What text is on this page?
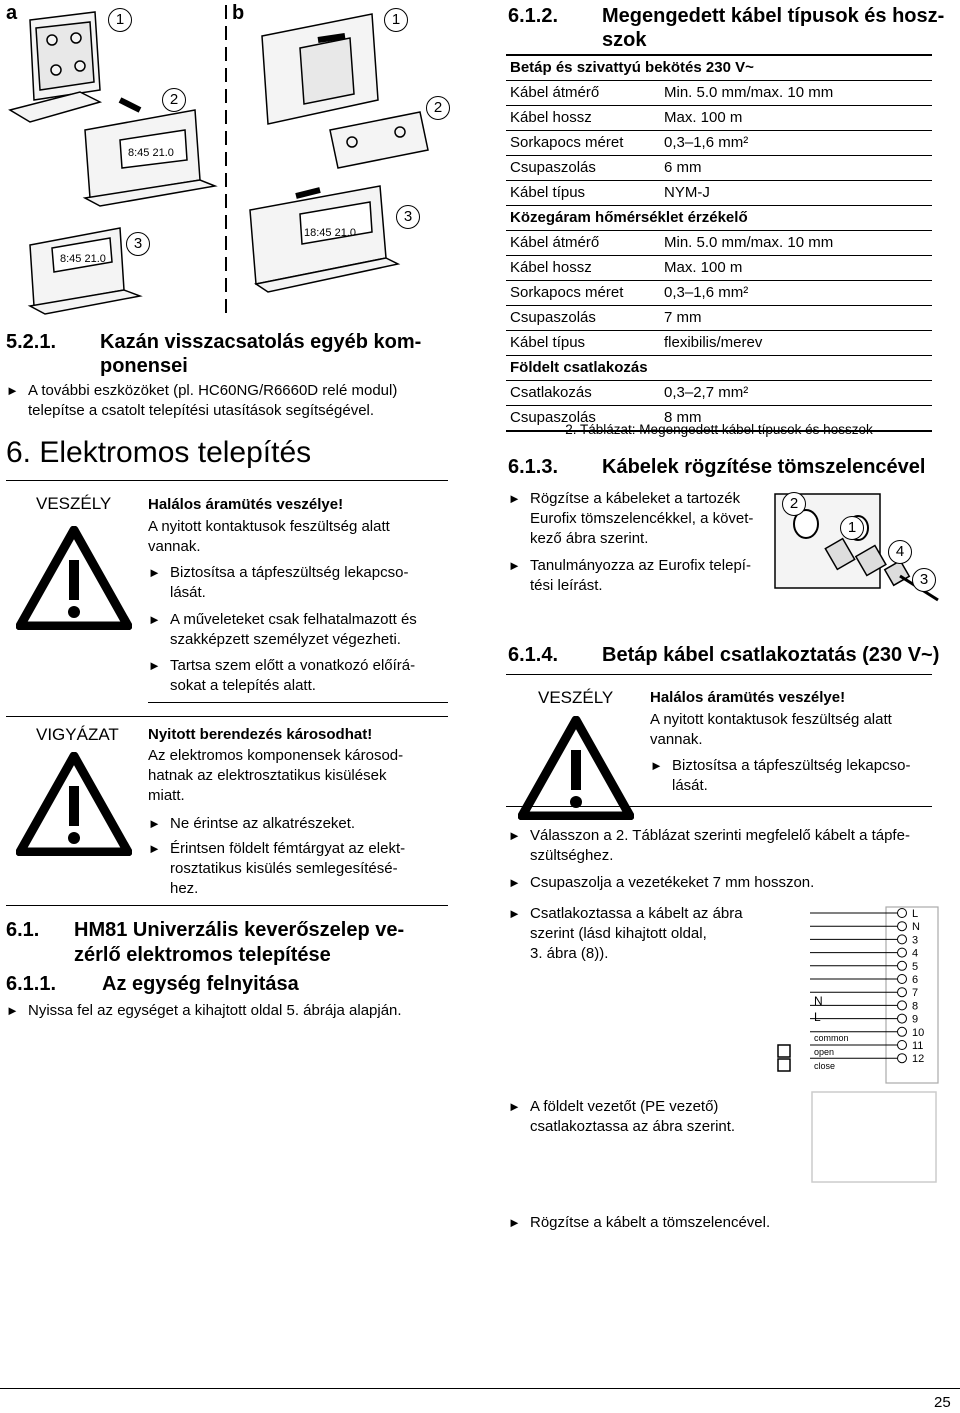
a	b
8:45 21.0
8:45 21.0
18:45 21.0
1
2
3
1
2
3
5.2.1. Kazán visszacsatolás egyéb kom-
ponensei
► A további eszközöket (pl. HC60NG/R6660D relé modul)
telepítse a csatolt telepítési utasítások segítségével.
6. Elektromos telepítés
VESZÉLY Halálos áramütés veszélye!
A nyitott kontaktusok feszültség alatt
vannak.
► Biztosítsa a tápfeszültség lekapcso-
lását.
► A műveleteket csak felhatalmazott és
szakképzett személyzet végezheti.
► Tartsa szem előtt a vonatkozó előírá-
sokat a telepítés alatt.
VIGYÁZAT Nyitott berendezés károsodhat!
Az elektromos komponensek károsod-
hatnak az elektrosztatikus kisülések
miatt.
► Ne érintse az alkatrészeket.
► Érintsen földelt fémtárgyat az elekt-
rosztatikus kisülés semlegesítésé-
hez.
6.1. HM81 Univerzális keverőszelep ve-
zérlő elektromos telepítése
6.1.1. Az egység felnyitása
► Nyissa fel az egységet a kihajtott oldal 5. ábrája alapján.
6.1.2. Megengedett kábel típusok és hosz-
szok
Betáp és szivattyú bekötés 230 V~	
Kábel átmérő	Min. 5.0 mm/max. 10 mm
Kábel hossz	Max. 100 m
Sorkapocs méret	0,3–1,6 mm²
Csupaszolás	6 mm
Kábel típus	NYM-J
Közegáram hőmérséklet érzékelő	
Kábel átmérő	Min. 5.0 mm/max. 10 mm
Kábel hossz	Max. 100 m
Sorkapocs méret	0,3–1,6 mm²
Csupaszolás	7 mm
Kábel típus	flexibilis/merev
Földelt csatlakozás	
Csatlakozás	0,3–2,7 mm²
Csupaszolás	8 mm
2. Táblázat: Megengedett kábel típusok és hosszok
6.1.3. Kábelek rögzítése tömszelencével
► Rögzítse a kábeleket a tartozék
Eurofix tömszelencékkel, a követ-
kező ábra szerint.
► Tanulmányozza az Eurofix telepí-
tési leírást.
2
1
4
3
6.1.4. Betáp kábel csatlakoztatás (230 V~)
VESZÉLY Halálos áramütés veszélye!
A nyitott kontaktusok feszültség alatt
vannak.
► Biztosítsa a tápfeszültség lekapcso-
lását.
► Válasszon a 2. Táblázat szerinti megfelelő kábelt a tápfe-
szültséghez.
► Csupaszolja a vezetékeket 7 mm hosszon.
► Csatlakoztassa a kábelt az ábra
szerint (lásd kihajtott oldal,
3. ábra (8)).
L
N
3
4
5
6
7
8
9
10
11
12
N
L
common
open
close
► A földelt vezetőt (PE vezető)
csatlakoztassa az ábra szerint.
► Rögzítse a kábelt a tömszelencével.
25
